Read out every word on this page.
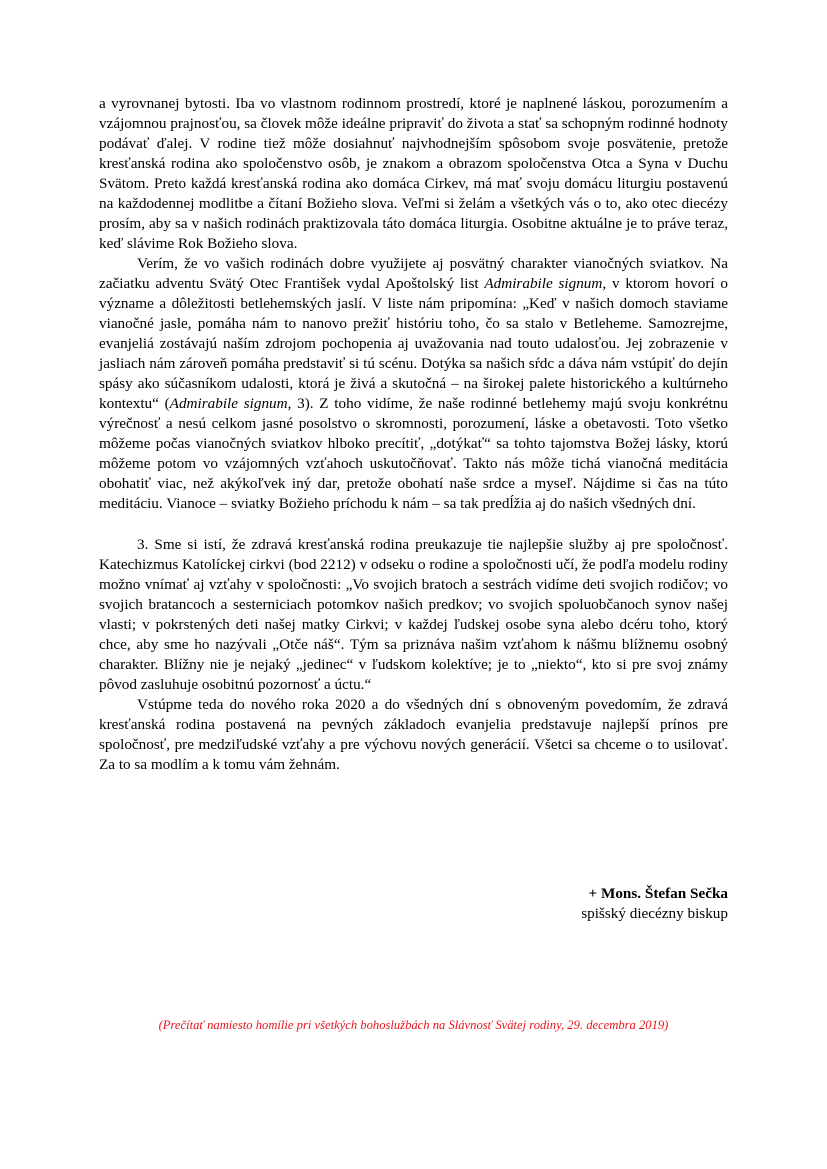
a vyrovnanej bytosti. Iba vo vlastnom rodinnom prostredí, ktoré je naplnené láskou, porozumením a vzájomnou prajnosťou, sa človek môže ideálne pripraviť do života a stať sa schopným rodinné hodnoty podávať ďalej. V rodine tiež môže dosiahnuť najvhodnejším spôsobom svoje posvätenie, pretože kresťanská rodina ako spoločenstvo osôb, je znakom a obrazom spoločenstva Otca a Syna v Duchu Svätom. Preto každá kresťanská rodina ako domáca Cirkev, má mať svoju domácu liturgiu postavenú na každodennej modlitbe a čítaní Božieho slova. Veľmi si želám a všetkých vás o to, ako otec diecézy prosím, aby sa v našich rodinách praktizovala táto domáca liturgia. Osobitne aktuálne je to práve teraz, keď slávime Rok Božieho slova.

Verím, že vo vašich rodinách dobre využijete aj posvätný charakter vianočných sviatkov. Na začiatku adventu Svätý Otec František vydal Apoštolský list Admirabile signum, v ktorom hovorí o význame a dôležitosti betlehemských jaslí. V liste nám pripomína: „Keď v našich domoch staviame vianočné jasle, pomáha nám to nanovo prežiť históriu toho, čo sa stalo v Betleheme. Samozrejme, evanjeliá zostávajú naším zdrojom pochopenia aj uvažovania nad touto udalosťou. Jej zobrazenie v jasliach nám zároveň pomáha predstaviť si tú scénu. Dotýka sa našich sŕdc a dáva nám vstúpiť do dejín spásy ako súčasníkom udalosti, ktorá je živá a skutočná – na širokej palete historického a kultúrneho kontextu“ (Admirabile signum, 3). Z toho vidíme, že naše rodinné betlehemy majú svoju konkrétnu výrečnosť a nesú celkom jasné posolstvo o skromnosti, porozumení, láske a obetavosti. Toto všetko môžeme počas vianočných sviatkov hlboko precítiť, „dotýkať“ sa tohto tajomstva Božej lásky, ktorú môžeme potom vo vzájomných vzťahoch uskutočňovať. Takto nás môže tichá vianočná meditácia obohatiť viac, než akýkoľvek iný dar, pretože obohatí naše srdce a myseľ. Nájdime si čas na túto meditáciu. Vianoce – sviatky Božieho príchodu k nám – sa tak predĺžia aj do našich všedných dní.

3. Sme si istí, že zdravá kresťanská rodina preukazuje tie najlepšie služby aj pre spoločnosť. Katechizmus Katolíckej cirkvi (bod 2212) v odseku o rodine a spoločnosti učí, že podľa modelu rodiny možno vnímať aj vzťahy v spoločnosti: „Vo svojich bratoch a sestrách vidíme deti svojich rodičov; vo svojich bratancoch a sesterniciach potomkov našich predkov; vo svojich spoluobčanoch synov našej vlasti; v pokrstených deti našej matky Cirkvi; v každej ľudskej osobe syna alebo dcéru toho, ktorý chce, aby sme ho nazývali „Otče náš“. Tým sa priznáva našim vzťahom k nášmu blížnemu osobný charakter. Blížny nie je nejaký „jedinec“ v ľudskom kolektíve; je to „niekto“, kto si pre svoj známy pôvod zasluhuje osobitnú pozornosť a úctu.“

Vstúpme teda do nového roka 2020 a do všedných dní s obnoveným povedomím, že zdravá kresťanská rodina postavená na pevných základoch evanjelia predstavuje najlepší prínos pre spoločnosť, pre medziľudské vzťahy a pre výchovu nových generácií. Všetci sa chceme o to usilovať. Za to sa modlím a k tomu vám žehnám.

+ Mons. Štefan Sečka
spišský diecézny biskup
(Prečítať namiesto homílie pri všetkých bohoslužbách na Slávnosť Svätej rodiny, 29. decembra 2019)
